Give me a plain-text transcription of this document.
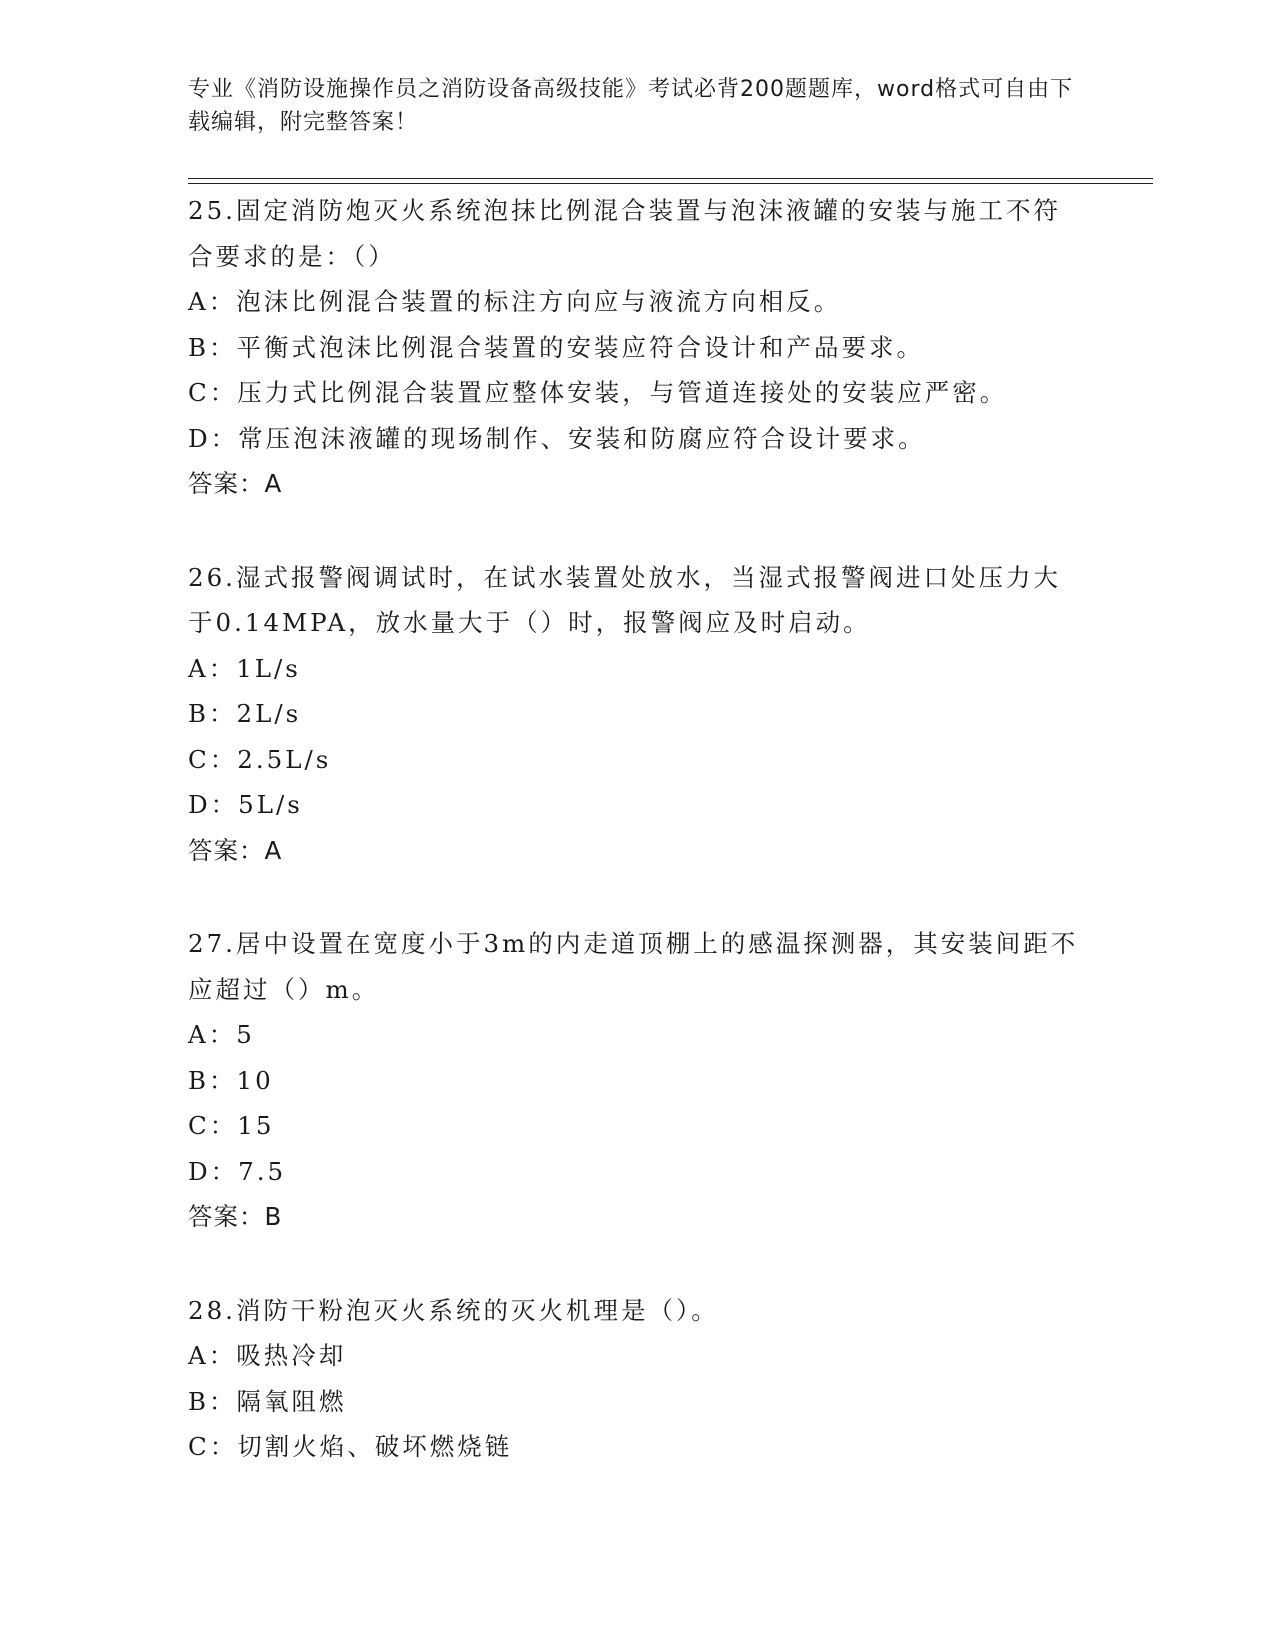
专业《消防设施操作员之消防设备高级技能》考试必背200题题库，word格式可自由下载编辑，附完整答案！

25.固定消防炮灭火系统泡抹比例混合装置与泡沫液罐的安装与施工不符合要求的是：（）

A：泡沫比例混合装置的标注方向应与液流方向相反。

B：平衡式泡沫比例混合装置的安装应符合设计和产品要求。

C：压力式比例混合装置应整体安装，与管道连接处的安装应严密。

D：常压泡沫液罐的现场制作、安装和防腐应符合设计要求。

答案：A

26.湿式报警阀调试时，在试水装置处放水，当湿式报警阀进口处压力大于0.14MPA，放水量大于（）时，报警阀应及时启动。

A：1L/s

B：2L/s

C：2.5L/s

D：5L/s

答案：A

27.居中设置在宽度小于3m的内走道顶棚上的感温探测器，其安装间距不应超过（）m。

A：5

B：10

C：15

D：7.5

答案：B

28.消防干粉泡灭火系统的灭火机理是（）。

A：吸热冷却

B：隔氧阻燃

C：切割火焰、破坏燃烧链
